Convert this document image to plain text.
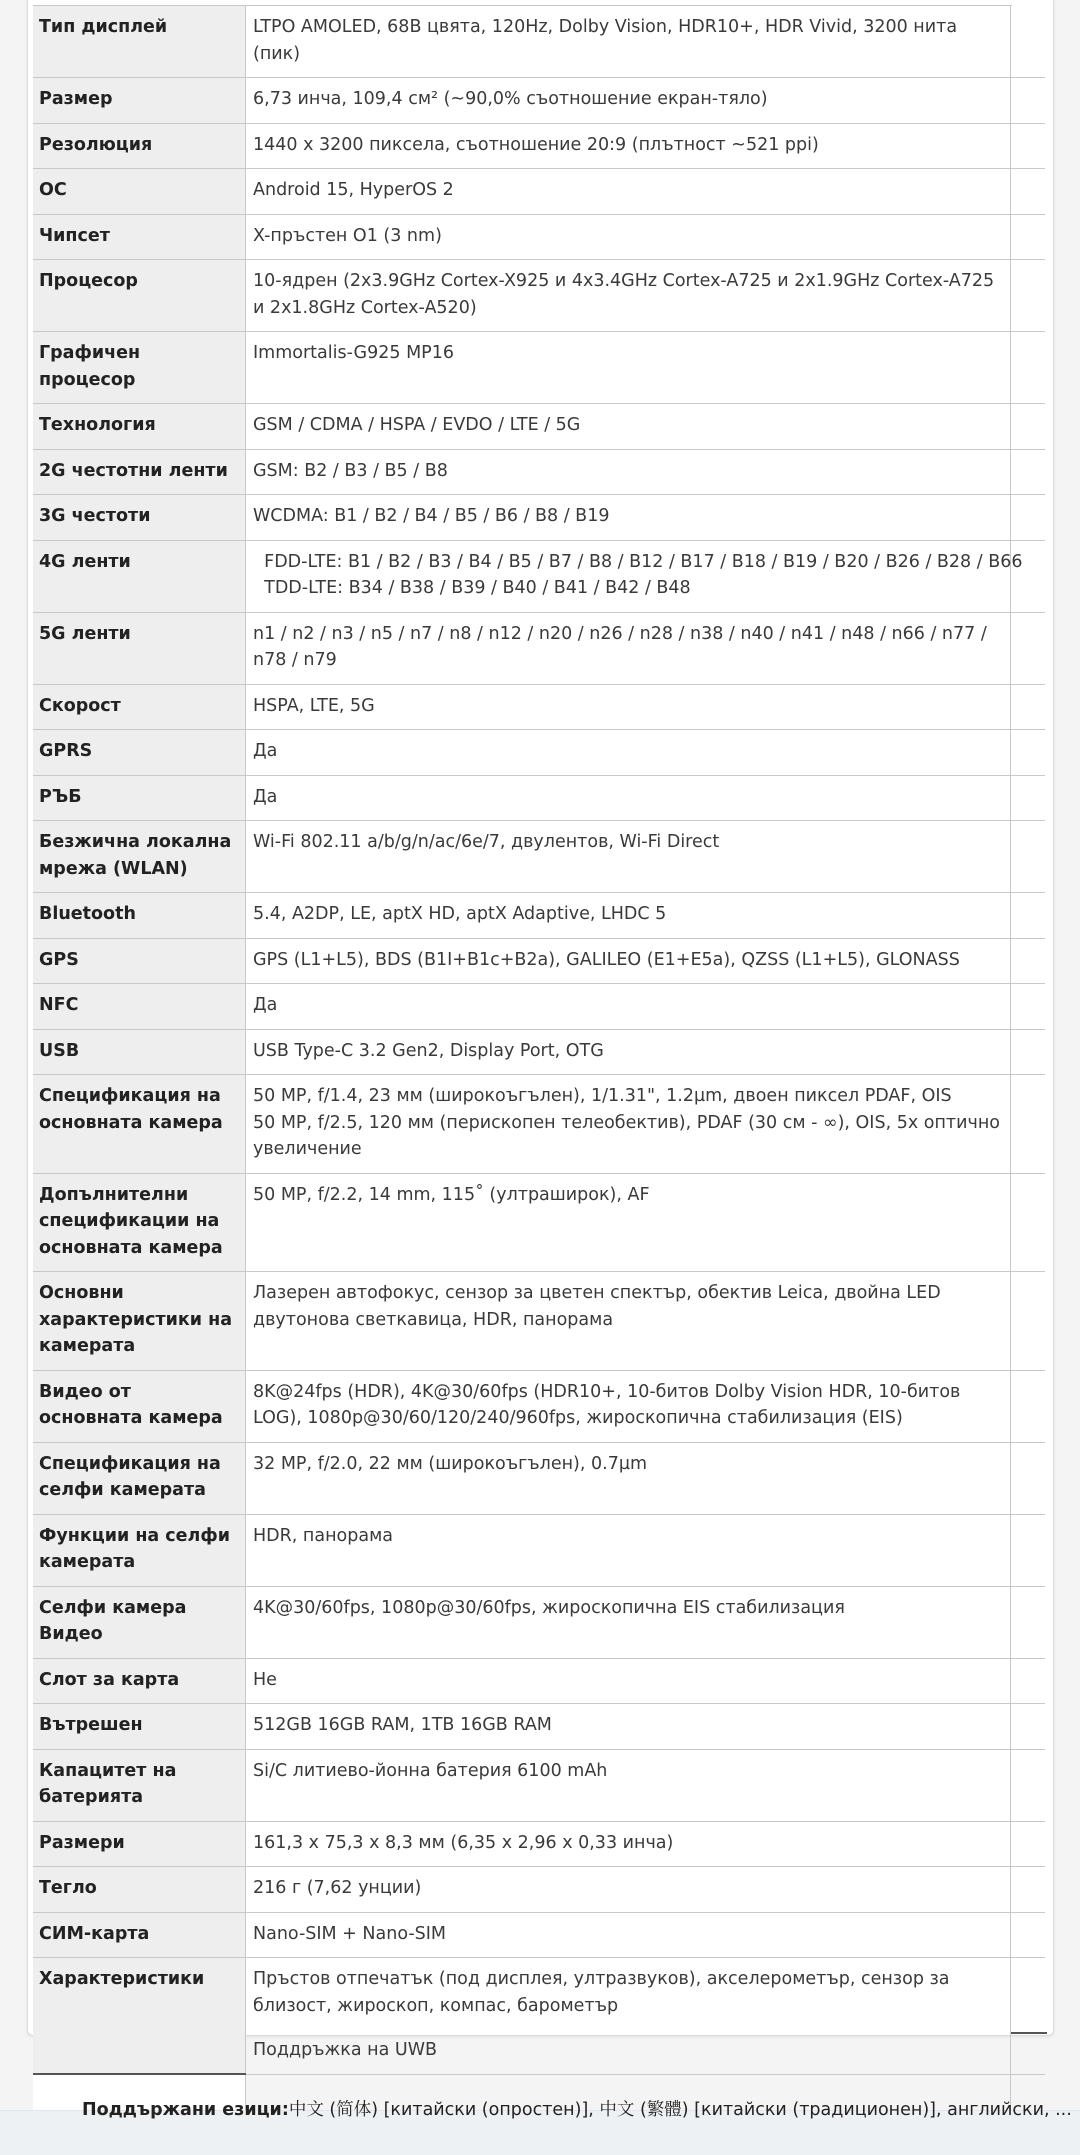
Тип дисплей	LTPO AMOLED, 68B цвята, 120Hz, Dolby Vision, HDR10+, HDR Vivid, 3200 нита (пик)	

Размер	6,73 инча, 109,4 см² (~90,0% съотношение екран-тяло)	

Резолюция	1440 x 3200 пиксела, съотношение 20:9 (плътност ~521 ppi)	

ОС	Android 15, HyperOS 2	

Чипсет	X-пръстен O1 (3 nm)	

Процесор	10-ядрен (2x3.9GHz Cortex-X925 и 4x3.4GHz Cortex-A725 и 2x1.9GHz Cortex-A725 и 2x1.8GHz Cortex-A520)	

Графичен процесор	Immortalis-G925 MP16	

Технология	GSM / CDMA / HSPA / EVDO / LTE / 5G	

2G честотни ленти	GSM: B2 / B3 / B5 / B8	

3G честоти	WCDMA: B1 / B2 / B4 / B5 / B6 / B8 / B19	

4G ленти	FDD-LTE: B1 / B2 / B3 / B4 / B5 / B7 / B8 / B12 / B17 / B18 / B19 / B20 / B26 / B28 / B66
TDD-LTE: B34 / B38 / B39 / B40 / B41 / B42 / B48	

5G ленти	n1 / n2 / n3 / n5 / n7 / n8 / n12 / n20 / n26 / n28 / n38 / n40 / n41 / n48 / n66 / n77 / n78 / n79	

Скорост	HSPA, LTE, 5G	

GPRS	Да	

РЪБ	Да	

Безжична локална мрежа (WLAN)	Wi-Fi 802.11 a/b/g/n/ac/6e/7, двулентов, Wi-Fi Direct	

Bluetooth	5.4, A2DP, LE, aptX HD, aptX Adaptive, LHDC 5	

GPS	GPS (L1+L5), BDS (B1I+B1c+B2a), GALILEO (E1+E5a), QZSS (L1+L5), GLONASS	

NFC	Да	

USB	USB Type-C 3.2 Gen2, Display Port, OTG	

Спецификация на основната камера	50 MP, f/1.4, 23 мм (широкоъгълен), 1/1.31", 1.2µm, двоен пиксел PDAF, OIS
50 MP, f/2.5, 120 мм (перископен телеобектив), PDAF (30 см - ∞), OIS, 5x оптично увеличение	

Допълнителни спецификации на основната камера	50 MP, f/2.2, 14 mm, 115˚ (ултраширок), AF	

Основни характеристики на камерата	Лазерен автофокус, сензор за цветен спектър, обектив Leica, двойна LED двутонова светкавица, HDR, панорама	

Видео от основната камера	8K@24fps (HDR), 4K@30/60fps (HDR10+, 10-битов Dolby Vision HDR, 10-битов LOG), 1080p@30/60/120/240/960fps, жироскопична стабилизация (EIS)	

Спецификация на селфи камерата	32 MP, f/2.0, 22 мм (широкоъгълен), 0.7µm	

Функции на селфи камерата	HDR, панорама	

Селфи камера Видео	4K@30/60fps, 1080p@30/60fps, жироскопична EIS стабилизация	

Слот за карта	Не	

Вътрешен	512GB 16GB RAM, 1TB 16GB RAM	

Капацитет на батерията	Si/C литиево-йонна батерия 6100 mAh	

Размери	161,3 x 75,3 x 8,3 мм (6,35 x 2,96 x 0,33 инча)	

Тегло	216 г (7,62 унции)	

СИМ-карта	Nano-SIM + Nano-SIM	

Характеристики	Пръстов отпечатък (под дисплея, ултразвуков), акселерометър, сензор за близост, жироскоп, компас, барометър
Поддръжка на UWB	

Поддържани езици:中文 (简体) [китайски (опростен)], 中文 (繁體) [китайски (традиционен)], английски, ...
